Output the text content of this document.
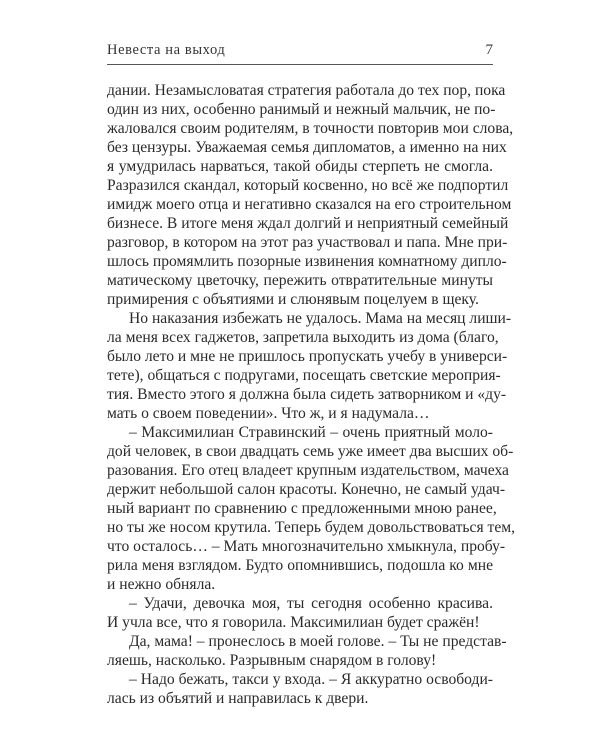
Невеста на выход	7
дании. Незамысловатая стратегия работала до тех пор, пока
один из них, особенно ранимый и нежный мальчик, не по-
жаловался своим родителям, в точности повторив мои слова,
без цензуры. Уважаемая семья дипломатов, а именно на них
я умудрилась нарваться, такой обиды стерпеть не смогла.
Разразился скандал, который косвенно, но всё же подпортил
имидж моего отца и негативно сказался на его строительном
бизнесе. В итоге меня ждал долгий и неприятный семейный
разговор, в котором на этот раз участвовал и папа. Мне при-
шлось промямлить позорные извинения комнатному дипло-
матическому цветочку, пережить отвратительные минуты
примирения с объятиями и слюнявым поцелуем в щеку.
Но наказания избежать не удалось. Мама на месяц лиши-
ла меня всех гаджетов, запретила выходить из дома (благо,
было лето и мне не пришлось пропускать учебу в универси-
тете), общаться с подругами, посещать светские мероприя-
тия. Вместо этого я должна была сидеть затворником и «ду-
мать о своем поведении». Что ж, и я надумала…
– Максимилиан Стравинский – очень приятный моло-
дой человек, в свои двадцать семь уже имеет два высших об-
разования. Его отец владеет крупным издательством, мачеха
держит небольшой салон красоты. Конечно, не самый удач-
ный вариант по сравнению с предложенными мною ранее,
но ты же носом крутила. Теперь будем довольствоваться тем,
что осталось… – Мать многозначительно хмыкнула, пробу-
рила меня взглядом. Будто опомнившись, подошла ко мне
и нежно обняла.
– Удачи, девочка моя, ты сегодня особенно красива.
И учла все, что я говорила. Максимилиан будет сражён!
Да, мама! – пронеслось в моей голове. – Ты не представ-
ляешь, насколько. Разрывным снарядом в голову!
– Надо бежать, такси у входа. – Я аккуратно освободи-
лась из объятий и направилась к двери.
